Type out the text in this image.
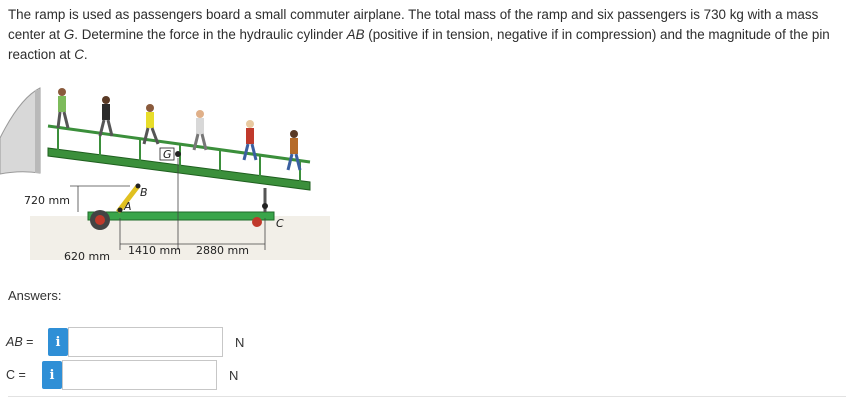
The ramp is used as passengers board a small commuter airplane. The total mass of the ramp and six passengers is 730 kg with a mass center at G. Determine the force in the hydraulic cylinder AB (positive if in tension, negative if in compression) and the magnitude of the pin reaction at C.
G
A
B
C
720 mm
620 mm 1410 mm 2880 mm
Answers:
AB =	i	N
C =	i	N
